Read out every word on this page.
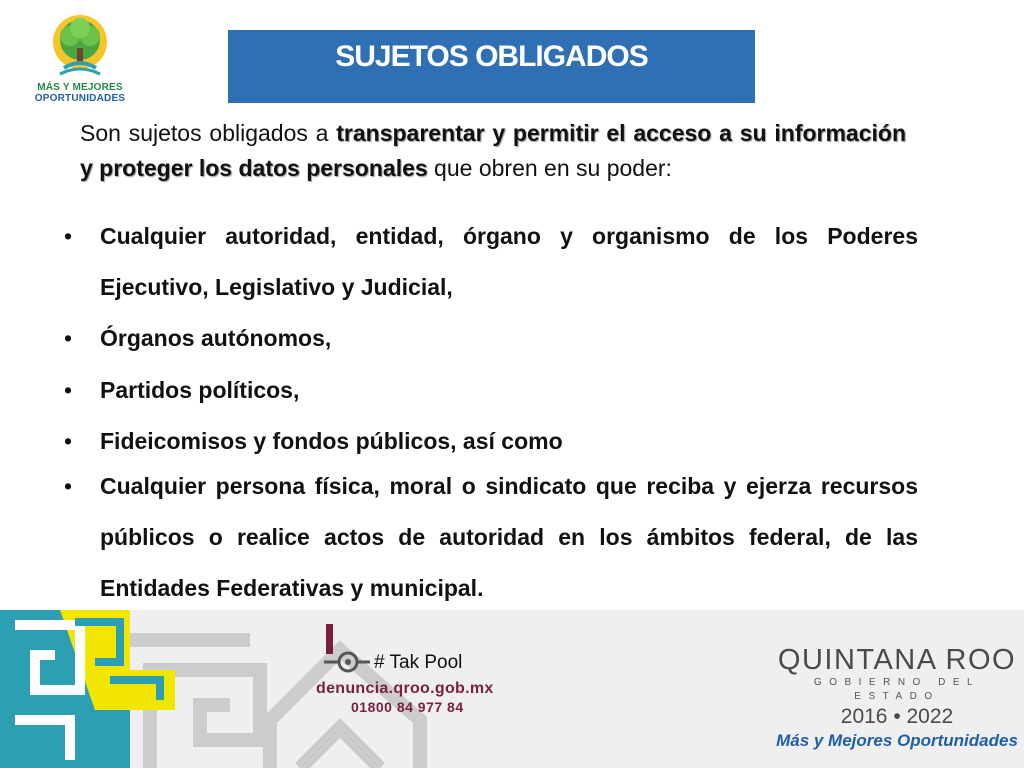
MÁS Y MEJORES
OPORTUNIDADES
SUJETOS OBLIGADOS

Son sujetos obligados a transparentar y permitir el acceso a su información y proteger los datos personales que obren en su poder:

• Cualquier autoridad, entidad, órgano y organismo de los Poderes Ejecutivo, Legislativo y Judicial,
• Órganos autónomos,
• Partidos políticos,
• Fideicomisos y fondos públicos, así como
• Cualquier persona física, moral o sindicato que reciba y ejerza recursos públicos o realice actos de autoridad en los ámbitos federal, de las Entidades Federativas y municipal.
# Tak Pool
denuncia.qroo.gob.mx
01800 84 977 84
QUINTANA ROO
GOBIERNO DEL ESTADO
2016 • 2022
Más y Mejores Oportunidades
